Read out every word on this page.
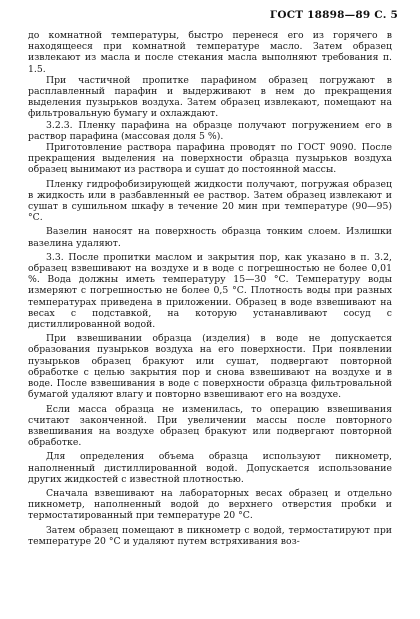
ГОСТ 18898—89 С. 5

до комнатной температуры, быстро перенеся его из горячего в находящееся при комнатной температуре масло. Затем образец извлекают из масла и после стекания масла выполняют требования п. 1.5.

При частичной пропитке парафином образец погружают в расплавленный парафин и выдерживают в нем до прекращения выделения пузырьков воздуха. Затем образец извлекают, помещают на фильтровальную бумагу и охлаждают.

3.2.3. Пленку парафина на образце получают погружением его в раствор парафина (массовая доля 5 %).

Приготовление раствора парафина проводят по ГОСТ 9090. После прекращения выделения на поверхности образца пузырьков воздуха образец вынимают из раствора и сушат до постоянной массы.

Пленку гидрофобизирующей жидкости получают, погружая образец в жидкость или в разбавленный ее раствор. Затем образец извлекают и сушат в сушильном шкафу в течение 20 мин при температуре (90—95) °С.

Вазелин наносят на поверхность образца тонким слоем. Излишки вазелина удаляют.

3.3. После пропитки маслом и закрытия пор, как указано в п. 3.2, образец взвешивают на воздухе и в воде с погрешностью не более 0,01 %. Вода должны иметь температуру 15—30 °С. Температуру воды измеряют с погрешностью не более 0,5 °С. Плотность воды при разных температурах приведена в приложении. Образец в воде взвешивают на весах с подставкой, на которую устанавливают сосуд с дистиллированной водой.

При взвешивании образца (изделия) в воде не допускается образования пузырьков воздуха на его поверхности. При появлении пузырьков образец бракуют или сушат, подвергают повторной обработке с целью закрытия пор и снова взвешивают на воздухе и в воде. После взвешивания в воде с поверхности образца фильтровальной бумагой удаляют влагу и повторно взвешивают его на воздухе.

Если масса образца не изменилась, то операцию взвешивания считают законченной. При увеличении массы после повторного взвешивания на воздухе образец бракуют или подвергают повторной обработке.

Для определения объема образца используют пикнометр, наполненный дистиллированной водой. Допускается использование других жидкостей с известной плотностью.

Сначала взвешивают на лабораторных весах образец и отдельно пикнометр, наполненный водой до верхнего отверстия пробки и термостатированный при температуре 20 °С.

Затем образец помещают в пикнометр с водой, термостатируют при температуре 20 °С и удаляют путем встряхивания воз-
